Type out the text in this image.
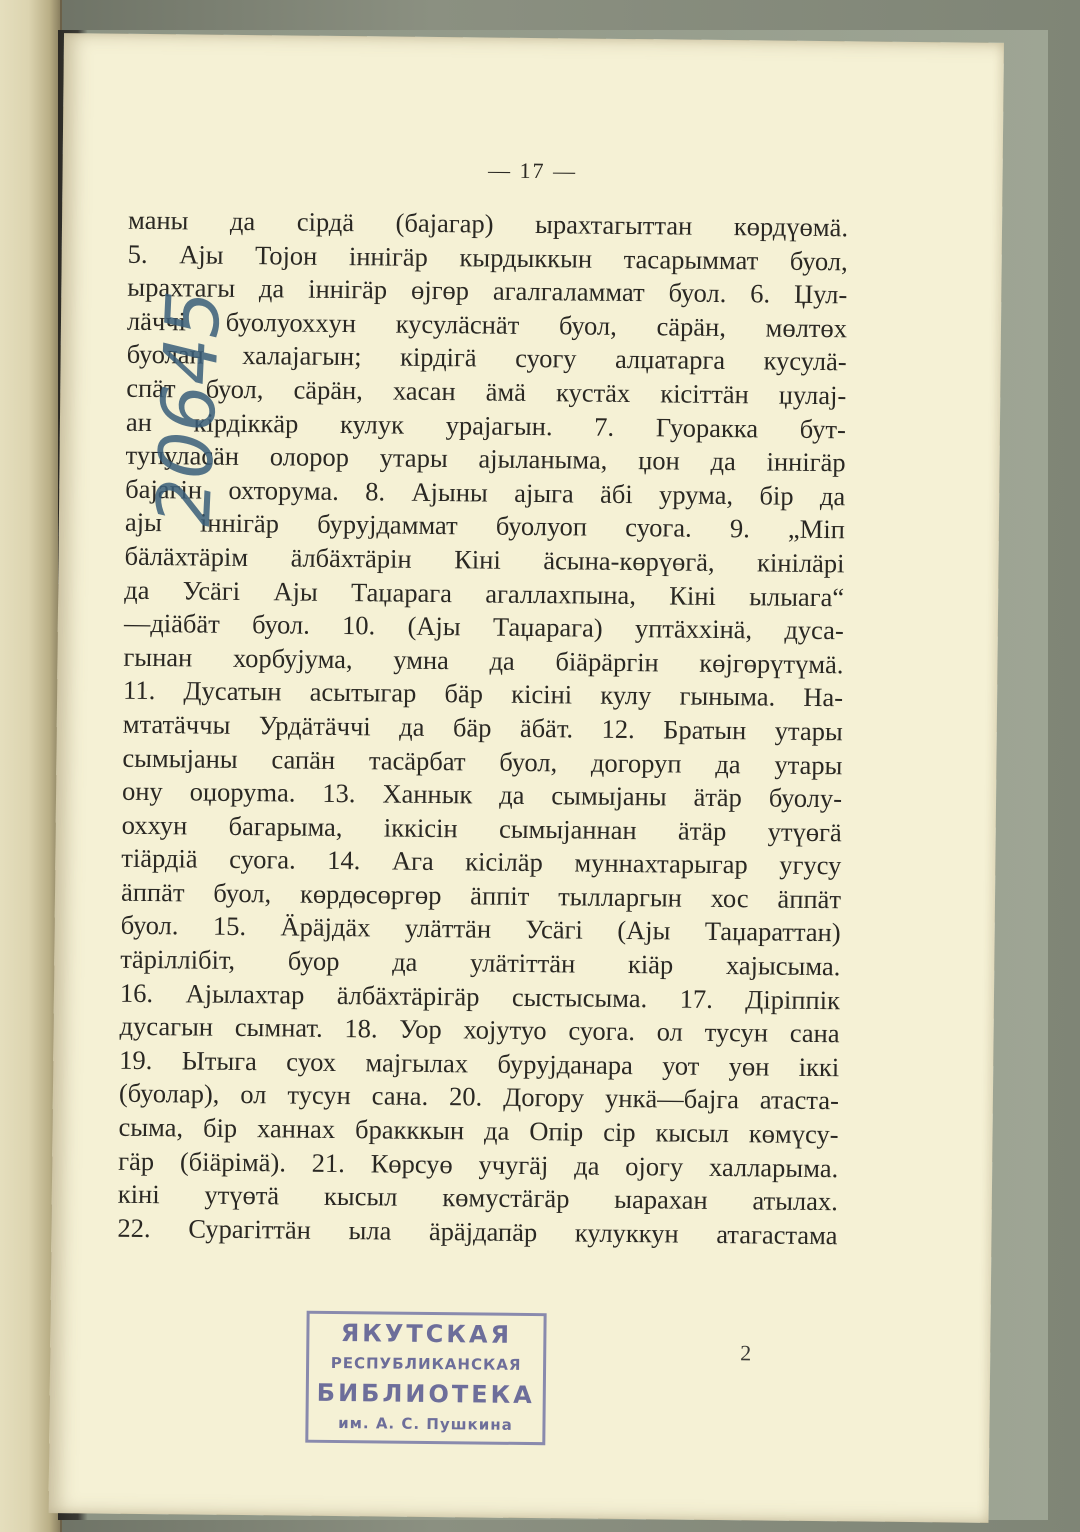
— 17 —
маны да сірдä (баjагар) ырахтагыттан көрдүөмä.
5. Аjы Тоjон іннігäр кырдыккын тасарыммат буол,
ырахтагы да іннігäр өjгөр агалгаламмат буол. 6. Џул-
лäччі буолуохxун кусулäснäт буол, сäрäн, мөлтөх
буолан халаjагын; кірдігä суогу алџатарга кусулä-
спäт буол, сäрäн, хасан äмä кустäх кісіттäн џулаj-
ан кірдіккäр кулук ураjагын. 7. Гуоракка бут-
тупуласäн олорор утары аjыланыма, џон да іннігäр
баjагін охторума. 8. Аjыны аjыга äбі урума, біp да
аjы іннігäр буруjдаммат буолуоп суога. 9. „Міп
бäлäхтäрім äлбäхтäрін Кіні äсына-көрүөгä, кінілäрі
да Усäгі Аjы Таџарага агаллахпына, Кіні ылыага“
—діäбäт буол. 10. (Аjы Таџарага) уптäххінä, дуса-
гынан хорбуjума, умна да біäрäргін көjгөрүтүмä.
11. Дусатын асытыгар бäр кісіні кулу гыныма. На-
мтатäччы Урдäтäччі да бäр äбäт. 12. Братын утары
сымыjаны сапäн тасäрбат буол, догоруп да утары
ону оџоруma. 13. Ханнык да сымыjаны äтäр буолу-
оххун багарыма, іккісін сымыjаннан äтäр утүөгä
тіäрдіä суога. 14. Ага кісілäр муннахтарыгар угусу
äппäт буол, көрдөсөргөр äппіт тылларгын хос äппäт
буол. 15. Äрäjдäх улäттäн Усäгі (Аjы Таџараттан)
тäріллібіт, буор да улäтіттäн кіäр хаjысыма.
16. Аjылахтар äлбäхтäрігäр сыстысыма. 17. Діріппік
дусагын сымнат. 18. Уор хоjутуо суога. ол тусун сана
19. Ытыга суох маjгылах буруjданара уот уөн іккі
(буолар), ол тусун сана. 20. Догору ункä—баjга атаста-
сыма, біp ханнах бракккын да Опір сір кысыл көмүсу-
гäр (біäрімä). 21. Көрсуө учугäj да оjогу халларыма.
кіні утүөтä кысыл көмустäгäр ыарахан атылах.
22. Сурагіттäн ыла äрäjдапäр кулуккун атагастама
20645
2
ЯКУТСКАЯ
РЕСПУБЛИКАНСКАЯ
БИБЛИОТЕКА
им. А. С. Пушкина
